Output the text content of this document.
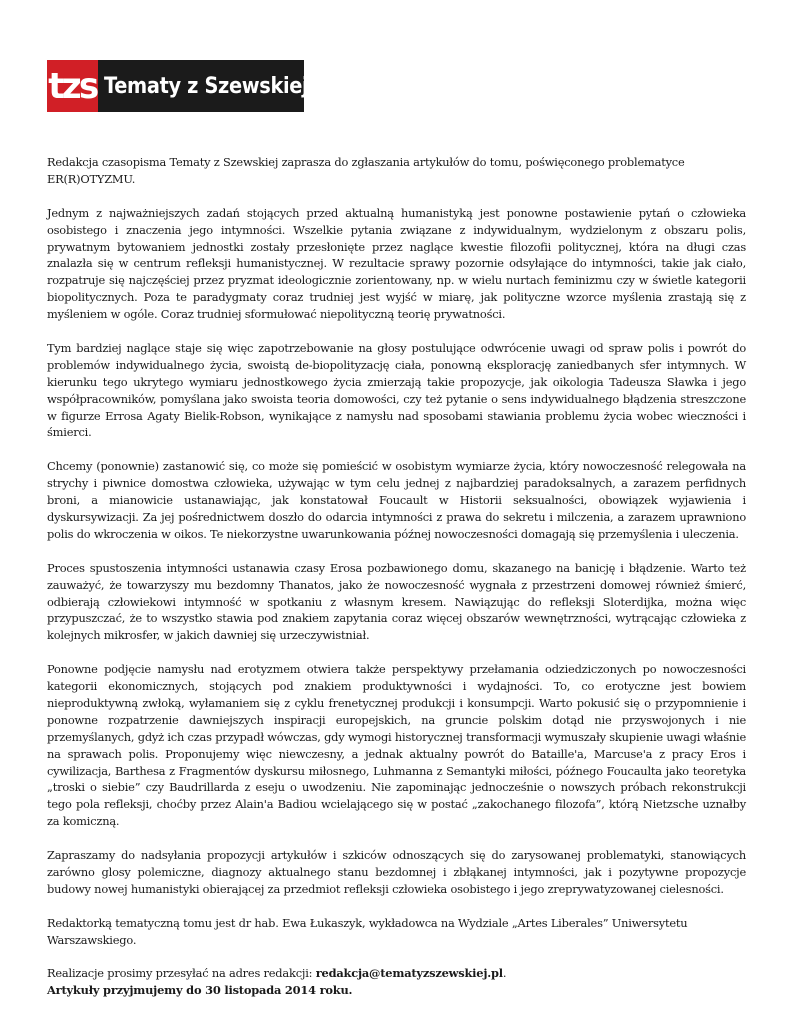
tzs Tematy z Szewskiej

Redakcja czasopisma Tematy z Szewskiej zaprasza do zgłaszania artykułów do tomu, poświęconego problematyce ER(R)OTYZMU.

Jednym z najważniejszych zadań stojących przed aktualną humanistyką jest ponowne postawienie pytań o człowieka osobistego i znaczenia jego intymności. Wszelkie pytania związane z indywidualnym, wydzielonym z obszaru polis, prywatnym bytowaniem jednostki zostały przesłonięte przez naglące kwestie filozofii politycznej, która na długi czas znalazła się w centrum refleksji humanistycznej. W rezultacie sprawy pozornie odsyłające do intymności, takie jak ciało, rozpatruje się najczęściej przez pryzmat ideologicznie zorientowany, np. w wielu nurtach feminizmu czy w świetle kategorii biopolitycznych. Poza te paradygmaty coraz trudniej jest wyjść w miarę, jak polityczne wzorce myślenia zrastają się z myśleniem w ogóle. Coraz trudniej sformułować niepolityczną teorię prywatności.

Tym bardziej naglące staje się więc zapotrzebowanie na głosy postulujące odwrócenie uwagi od spraw polis i powrót do problemów indywidualnego życia, swoistą de-biopolityzację ciała, ponowną eksplorację zaniedbanych sfer intymnych. W kierunku tego ukrytego wymiaru jednostkowego życia zmierzają takie propozycje, jak oikologia Tadeusza Sławka i jego współpracowników, pomyślana jako swoista teoria domowości, czy też pytanie o sens indywidualnego błądzenia streszczone w figurze Errosa Agaty Bielik-Robson, wynikające z namysłu nad sposobami stawiania problemu życia wobec wieczności i śmierci.

Chcemy (ponownie) zastanowić się, co może się pomieścić w osobistym wymiarze życia, który nowoczesność relegowała na strychy i piwnice domostwa człowieka, używając w tym celu jednej z najbardziej paradoksalnych, a zarazem perfidnych broni, a mianowicie ustanawiając, jak konstatował Foucault w Historii seksualności, obowiązek wyjawienia i dyskursywizacji. Za jej pośrednictwem doszło do odarcia intymności z prawa do sekretu i milczenia, a zarazem uprawniono polis do wkroczenia w oikos. Te niekorzystne uwarunkowania późnej nowoczesności domagają się przemyślenia i uleczenia.

Proces spustoszenia intymności ustanawia czasy Erosa pozbawionego domu, skazanego na banicję i błądzenie. Warto też zauważyć, że towarzyszy mu bezdomny Thanatos, jako że nowoczesność wygnała z przestrzeni domowej również śmierć, odbierają człowiekowi intymność w spotkaniu z własnym kresem. Nawiązując do refleksji Sloterdijka, można więc przypuszczać, że to wszystko stawia pod znakiem zapytania coraz więcej obszarów wewnętrzności, wytrącając człowieka z kolejnych mikrosfer, w jakich dawniej się urzeczywistniał.

Ponowne podjęcie namysłu nad erotyzmem otwiera także perspektywy przełamania odziedziczonych po nowoczesności kategorii ekonomicznych, stojących pod znakiem produktywności i wydajności. To, co erotyczne jest bowiem nieproduktywną zwłoką, wyłamaniem się z cyklu frenetycznej produkcji i konsumpcji. Warto pokusić się o przypomnienie i ponowne rozpatrzenie dawniejszych inspiracji europejskich, na gruncie polskim dotąd nie przyswojonych i nie przemyślanych, gdyż ich czas przypadł wówczas, gdy wymogi historycznej transformacji wymuszały skupienie uwagi właśnie na sprawach polis. Proponujemy więc niewczesny, a jednak aktualny powrót do Bataille'a, Marcuse'a z pracy Eros i cywilizacja, Barthesa z Fragmentów dyskursu miłosnego, Luhmanna z Semantyki miłości, późnego Foucaulta jako teoretyka „troski o siebie” czy Baudrillarda z eseju o uwodzeniu. Nie zapominając jednocześnie o nowszych próbach rekonstrukcji tego pola refleksji, choćby przez Alain'a Badiou wcielającego się w postać „zakochanego filozofa”, którą Nietzsche uznałby za komiczną.

Zapraszamy do nadsyłania propozycji artykułów i szkiców odnoszących się do zarysowanej problematyki, stanowiących zarówno glosy polemiczne, diagnozy aktualnego stanu bezdomnej i zbłąkanej intymności, jak i pozytywne propozycje budowy nowej humanistyki obierającej za przedmiot refleksji człowieka osobistego i jego zreprywatyzowanej cielesności.

Redaktorką tematyczną tomu jest dr hab. Ewa Łukaszyk, wykładowca na Wydziale „Artes Liberales” Uniwersytetu Warszawskiego.

Realizacje prosimy przesyłać na adres redakcji: redakcja@tematyzszewskiej.pl.
Artykuły przyjmujemy do 30 listopada 2014 roku.
